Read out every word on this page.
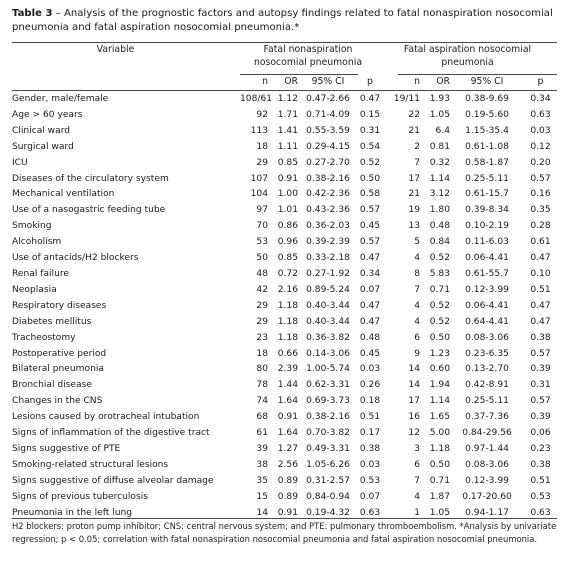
Table 3 – Analysis of the prognostic factors and autopsy findings related to fatal nonaspiration nosocomial pneumonia and fatal aspiration nosocomial pneumonia.*
Variable	Fatal nonaspiration nosocomial pneumonia
Fatal aspiration nosocomial pneumonia
n	OR	95% CI	p	n	OR	95% CI	p
Gender, male/female	108/61	1.12	0.47-2.66	0.47	19/11	1.93	0.38-9.69	0.34
Age > 60 years	92	1.71	0.71-4.09	0.15	22	1.05	0.19-5.60	0.63
Clinical ward	113	1.41	0.55-3.59	0.31	21	6.4	1.15-35.4	0.03
Surgical ward	18	1.11	0.29-4.15	0.54	2	0.81	0.61-1.08	0.12
ICU	29	0.85	0.27-2.70	0.52	7	0.32	0.58-1.87	0.20
Diseases of the circulatory system	107	0.91	0.38-2.16	0.50	17	1.14	0.25-5.11	0.57
Mechanical ventilation	104	1.00	0.42-2.36	0.58	21	3.12	0.61-15.7	0.16
Use of a nasogastric feeding tube	97	1.01	0.43-2.36	0.57	19	1.80	0.39-8.34	0.35
Smoking	70	0.86	0.36-2.03	0.45	13	0.48	0.10-2.19	0.28
Alcoholism	53	0.96	0.39-2.39	0.57	5	0.84	0.11-6.03	0.61
Use of antacids/H2 blockers	50	0.85	0.33-2.18	0.47	4	0.52	0.06-4.41	0.47
Renal failure	48	0.72	0.27-1.92	0.34	8	5.83	0.61-55.7	0.10
Neoplasia	42	2.16	0.89-5.24	0.07	7	0.71	0.12-3.99	0.51
Respiratory diseases	29	1.18	0.40-3.44	0.47	4	0.52	0.06-4.41	0.47
Diabetes mellitus	29	1.18	0.40-3.44	0.47	4	0.52	0.64-4.41	0.47
Tracheostomy	23	1.18	0.36-3.82	0.48	6	0.50	0.08-3.06	0.38
Postoperative period	18	0.66	0.14-3.06	0.45	9	1.23	0.23-6.35	0.57
Bilateral pneumonia	80	2.39	1.00-5.74	0.03	14	0.60	0.13-2.70	0.39
Bronchial disease	78	1.44	0.62-3.31	0.26	14	1.94	0.42-8.91	0.31
Changes in the CNS	74	1.64	0.69-3.73	0.18	17	1.14	0.25-5.11	0.57
Lesions caused by orotracheal intubation	68	0.91	0.38-2.16	0.51	16	1.65	0.37-7.36	0.39
Signs of inflammation of the digestive tract	61	1.64	0.70-3.82	0.17	12	5.00	0.84-29.56	0.06
Signs suggestive of PTE	39	1.27	0.49-3.31	0.38	3	1.18	0.97-1.44	0.23
Smoking-related structural lesions	38	2.56	1.05-6.26	0.03	6	0.50	0.08-3.06	0.38
Signs suggestive of diffuse alveolar damage	35	0.89	0.31-2.57	0.53	7	0.71	0.12-3.99	0.51
Signs of previous tuberculosis	15	0.89	0.84-0.94	0.07	4	1.87	0.17-20.60	0.53
Pneumonia in the left lung	14	0.91	0.19-4.32	0.63	1	1.05	0.94-1.17	0.63
H2 blockers: proton pump inhibitor; CNS: central nervous system; and PTE: pulmonary thromboembolism. *Analysis by univariate regression; p < 0.05; correlation with fatal nonaspiration nosocomial pneumonia and fatal aspiration nosocomial pneumonia.
